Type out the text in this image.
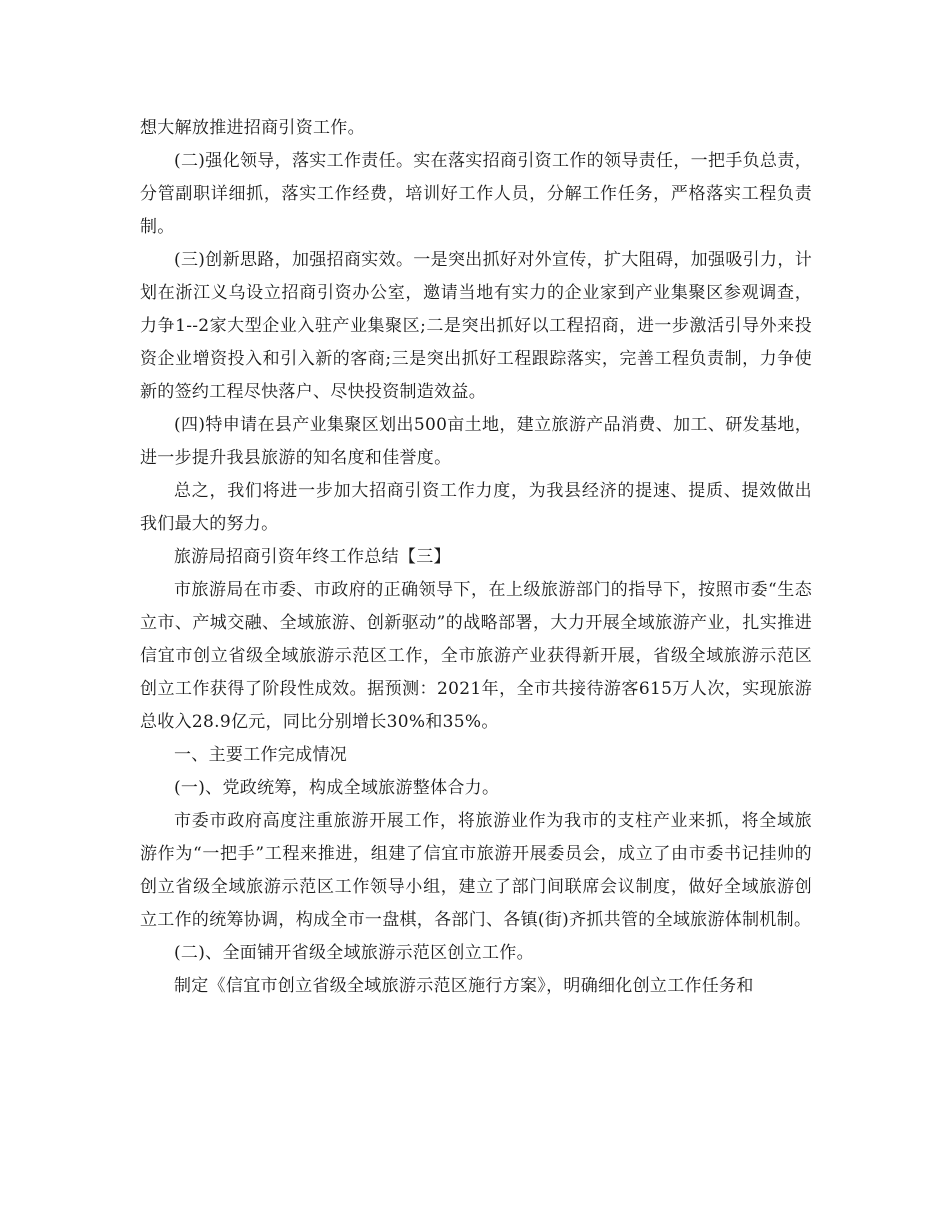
想大解放推进招商引资工作。

(二)强化领导，落实工作责任。实在落实招商引资工作的领导责任，一把手负总责，分管副职详细抓，落实工作经费，培训好工作人员，分解工作任务，严格落实工程负责制。

(三)创新思路，加强招商实效。一是突出抓好对外宣传，扩大阻碍，加强吸引力，计划在浙江义乌设立招商引资办公室，邀请当地有实力的企业家到产业集聚区参观调查，力争1--2家大型企业入驻产业集聚区;二是突出抓好以工程招商，进一步激活引导外来投资企业增资投入和引入新的客商;三是突出抓好工程跟踪落实，完善工程负责制，力争使新的签约工程尽快落户、尽快投资制造效益。

(四)特申请在县产业集聚区划出500亩土地，建立旅游产品消费、加工、研发基地，进一步提升我县旅游的知名度和佳誉度。

总之，我们将进一步加大招商引资工作力度，为我县经济的提速、提质、提效做出我们最大的努力。

旅游局招商引资年终工作总结【三】

市旅游局在市委、市政府的正确领导下，在上级旅游部门的指导下，按照市委“生态立市、产城交融、全域旅游、创新驱动”的战略部署，大力开展全域旅游产业，扎实推进信宜市创立省级全域旅游示范区工作，全市旅游产业获得新开展，省级全域旅游示范区创立工作获得了阶段性成效。据预测：2021年，全市共接待游客615万人次，实现旅游总收入28.9亿元，同比分别增长30%和35%。

一、主要工作完成情况

(一)、党政统筹，构成全域旅游整体合力。

市委市政府高度注重旅游开展工作，将旅游业作为我市的支柱产业来抓，将全域旅游作为“一把手”工程来推进，组建了信宜市旅游开展委员会，成立了由市委书记挂帅的创立省级全域旅游示范区工作领导小组，建立了部门间联席会议制度，做好全域旅游创立工作的统筹协调，构成全市一盘棋，各部门、各镇(街)齐抓共管的全域旅游体制机制。

(二)、全面铺开省级全域旅游示范区创立工作。

制定《信宜市创立省级全域旅游示范区施行方案》，明确细化创立工作任务和
